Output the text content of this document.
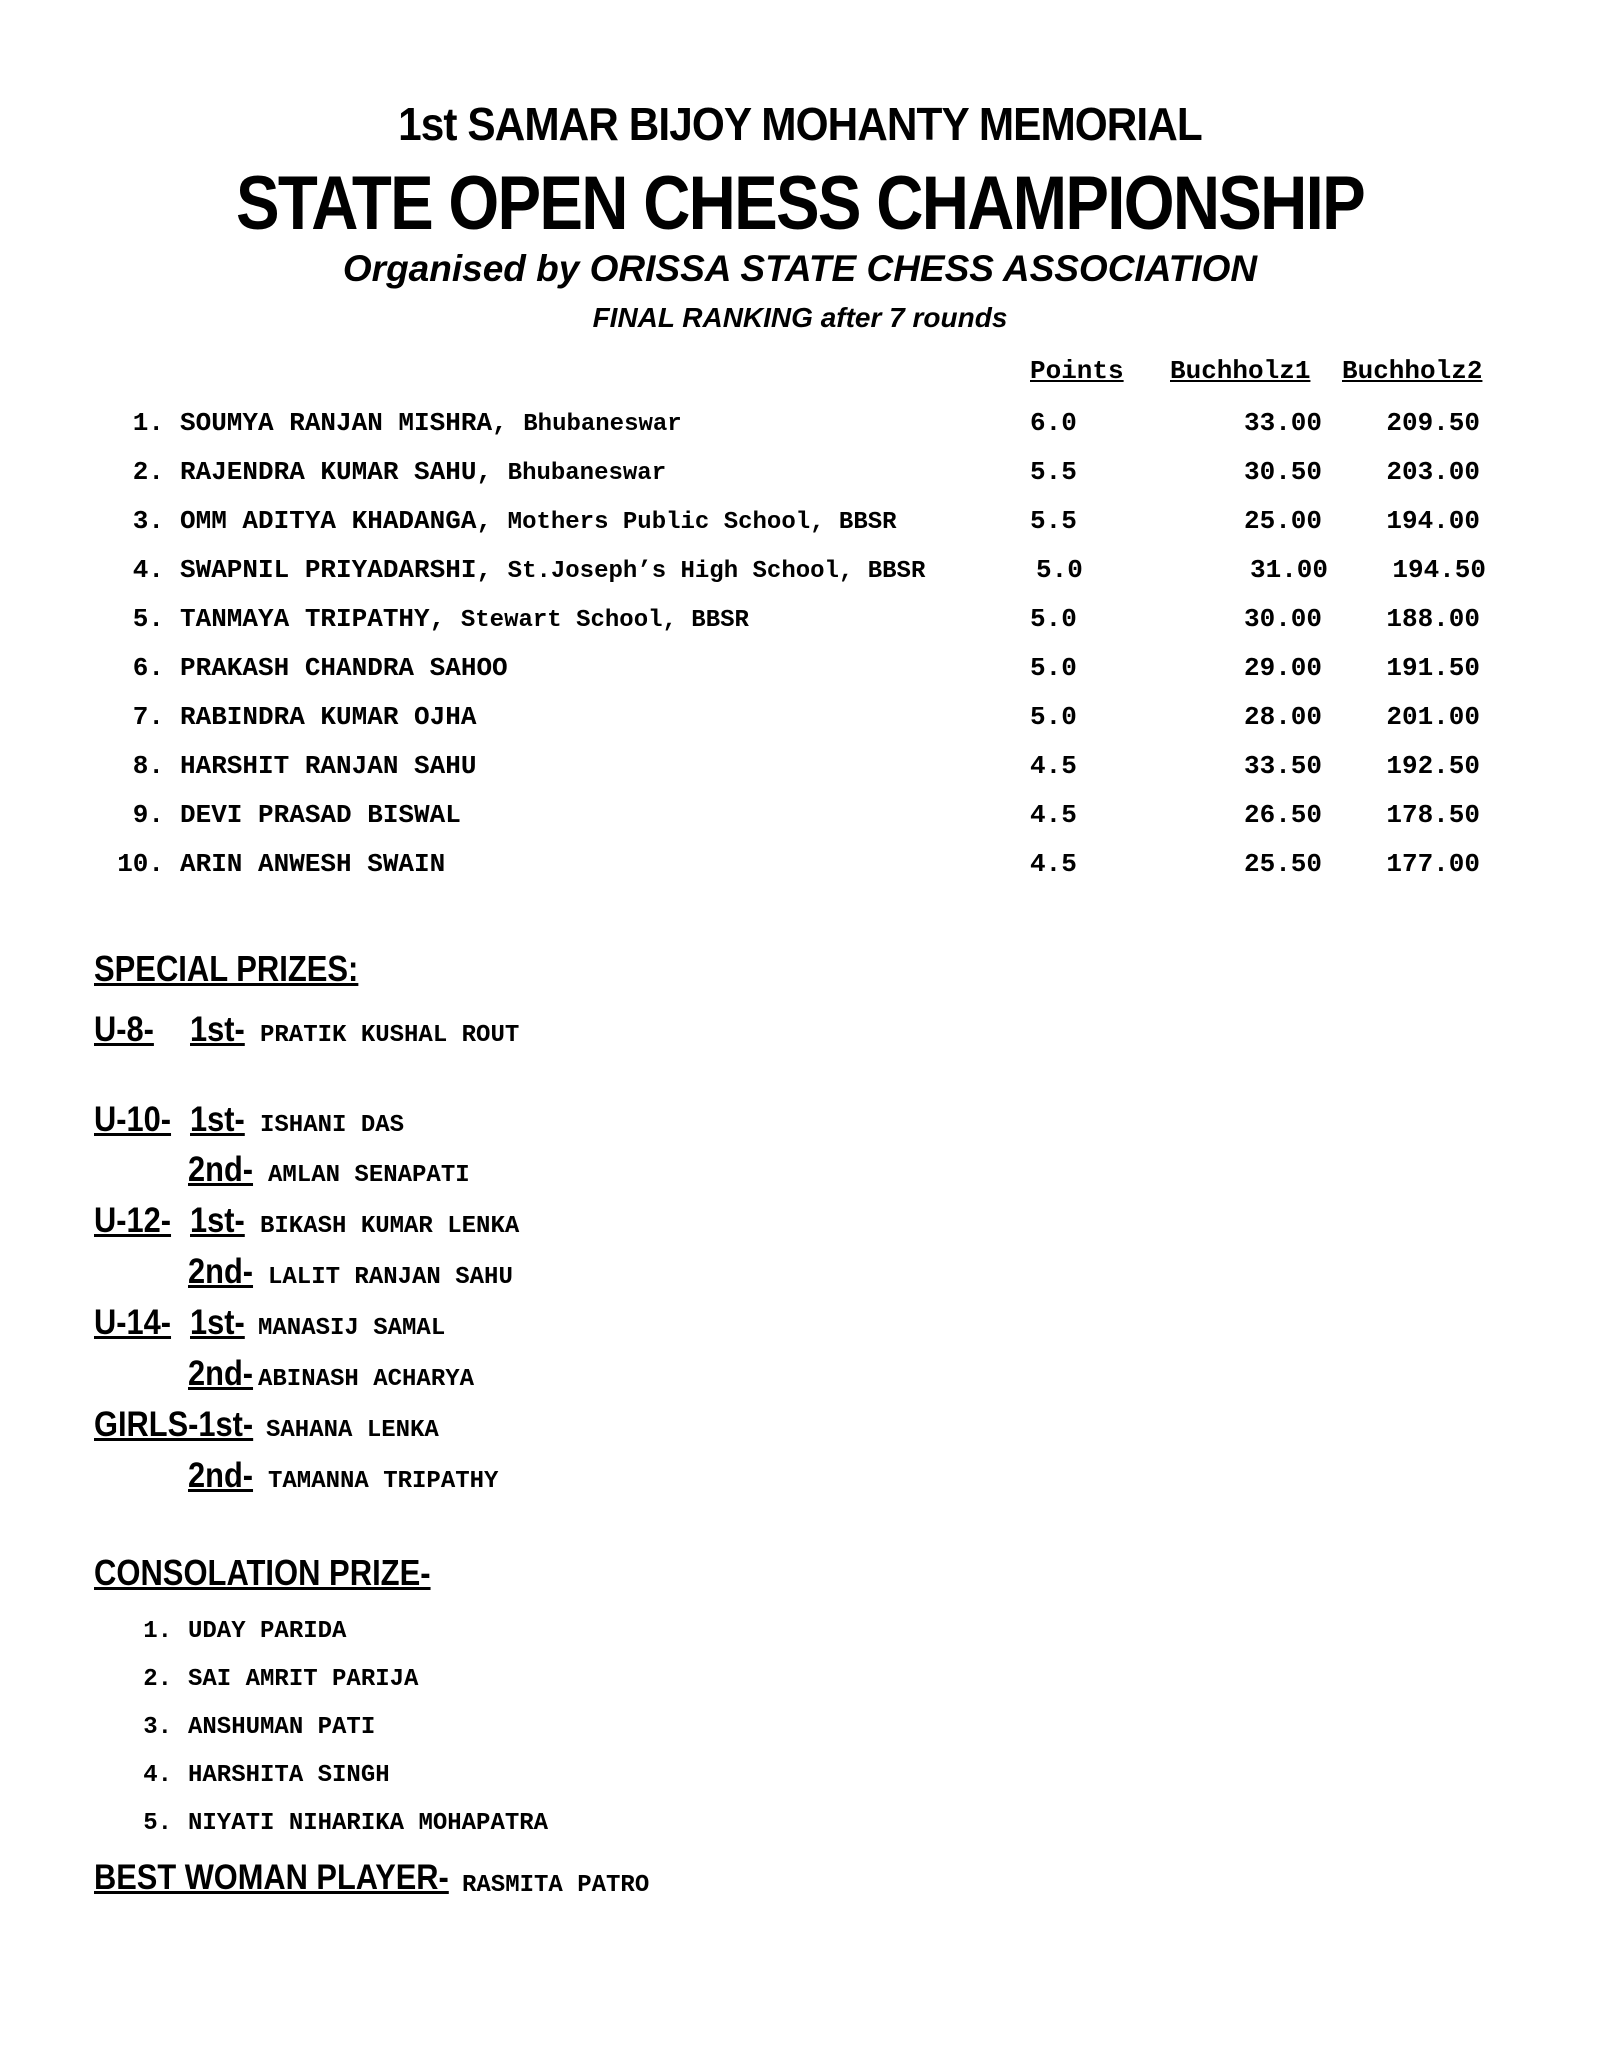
1st SAMAR BIJOY MOHANTY MEMORIAL
STATE OPEN CHESS CHAMPIONSHIP
Organised by ORISSA STATE CHESS ASSOCIATION
FINAL RANKING after 7 rounds
Points Buchholz1 Buchholz2
1. SOUMYA RANJAN MISHRA, Bhubaneswar	6.0	33.00	209.50
2. RAJENDRA KUMAR SAHU, Bhubaneswar	5.5	30.50	203.00
3. OMM ADITYA KHADANGA, Mothers Public School, BBSR	5.5	25.00	194.00
4. SWAPNIL PRIYADARSHI, St.Joseph’s High School, BBSR	5.0	31.00	194.50
5. TANMAYA TRIPATHY, Stewart School, BBSR	5.0	30.00	188.00
6. PRAKASH CHANDRA SAHOO	5.0	29.00	191.50
7. RABINDRA KUMAR OJHA	5.0	28.00	201.00
8. HARSHIT RANJAN SAHU	4.5	33.50	192.50
9. DEVI PRASAD BISWAL	4.5	26.50	178.50
10. ARIN ANWESH SWAIN	4.5	25.50	177.00
SPECIAL PRIZES:
U-8- 1st- PRATIK KUSHAL ROUT
U-10- 1st- ISHANI DAS
2nd- AMLAN SENAPATI
U-12- 1st- BIKASH KUMAR LENKA
2nd- LALIT RANJAN SAHU
U-14- 1st- MANASIJ SAMAL
2nd- ABINASH ACHARYA
GIRLS-1st- SAHANA LENKA
2nd- TAMANNA TRIPATHY
CONSOLATION PRIZE-
1. UDAY PARIDA
2. SAI AMRIT PARIJA
3. ANSHUMAN PATI
4. HARSHITA SINGH
5. NIYATI NIHARIKA MOHAPATRA
BEST WOMAN PLAYER- RASMITA PATRO
